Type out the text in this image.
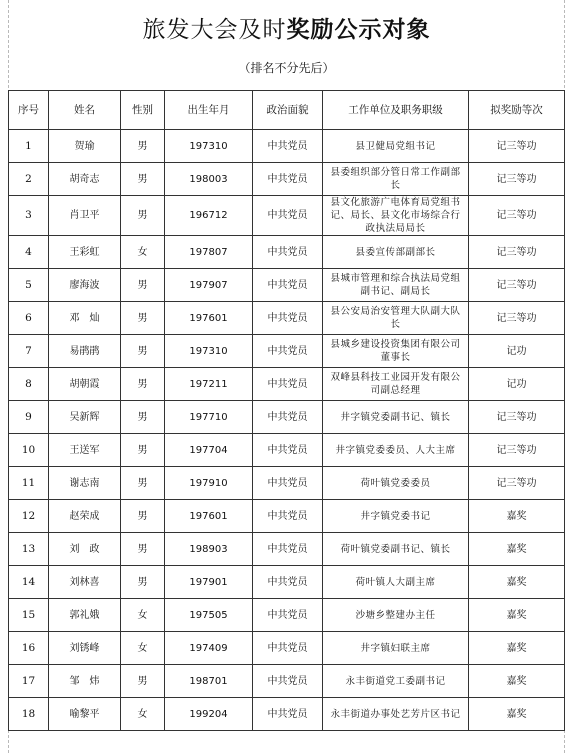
旅发大会及时奖励公示对象
（排名不分先后）
序号	姓名	性别	出生年月	政治面貌	工作单位及职务职级	拟奖励等次
1	贺瑜	男	197310	中共党员	县卫健局党组书记	记三等功
2	胡奇志	男	198003	中共党员	县委组织部分管日常工作副部长	记三等功
3	肖卫平	男	196712	中共党员	县文化旅游广电体育局党组书记、局长、县文化市场综合行政执法局局长	记三等功
4	王彩虹	女	197807	中共党员	县委宣传部副部长	记三等功
5	廖海波	男	197907	中共党员	县城市管理和综合执法局党组副书记、副局长	记三等功
6	邓　灿	男	197601	中共党员	县公安局治安管理大队副大队长	记三等功
7	易鹃鹃	男	197310	中共党员	县城乡建设投资集团有限公司董事长	记功
8	胡朝霞	男	197211	中共党员	双峰县科技工业园开发有限公司副总经理	记功
9	吴新辉	男	197710	中共党员	井字镇党委副书记、镇长	记三等功
10	王送军	男	197704	中共党员	井字镇党委委员、人大主席	记三等功
11	谢志南	男	197910	中共党员	荷叶镇党委委员	记三等功
12	赵荣成	男	197601	中共党员	井字镇党委书记	嘉奖
13	刘　政	男	198903	中共党员	荷叶镇党委副书记、镇长	嘉奖
14	刘林喜	男	197901	中共党员	荷叶镇人大副主席	嘉奖
15	郭礼娥	女	197505	中共党员	沙塘乡整建办主任	嘉奖
16	刘锈峰	女	197409	中共党员	井字镇妇联主席	嘉奖
17	邹　炜	男	198701	中共党员	永丰街道党工委副书记	嘉奖
18	喻黎平	女	199204	中共党员	永丰街道办事处艺芳片区书记	嘉奖
